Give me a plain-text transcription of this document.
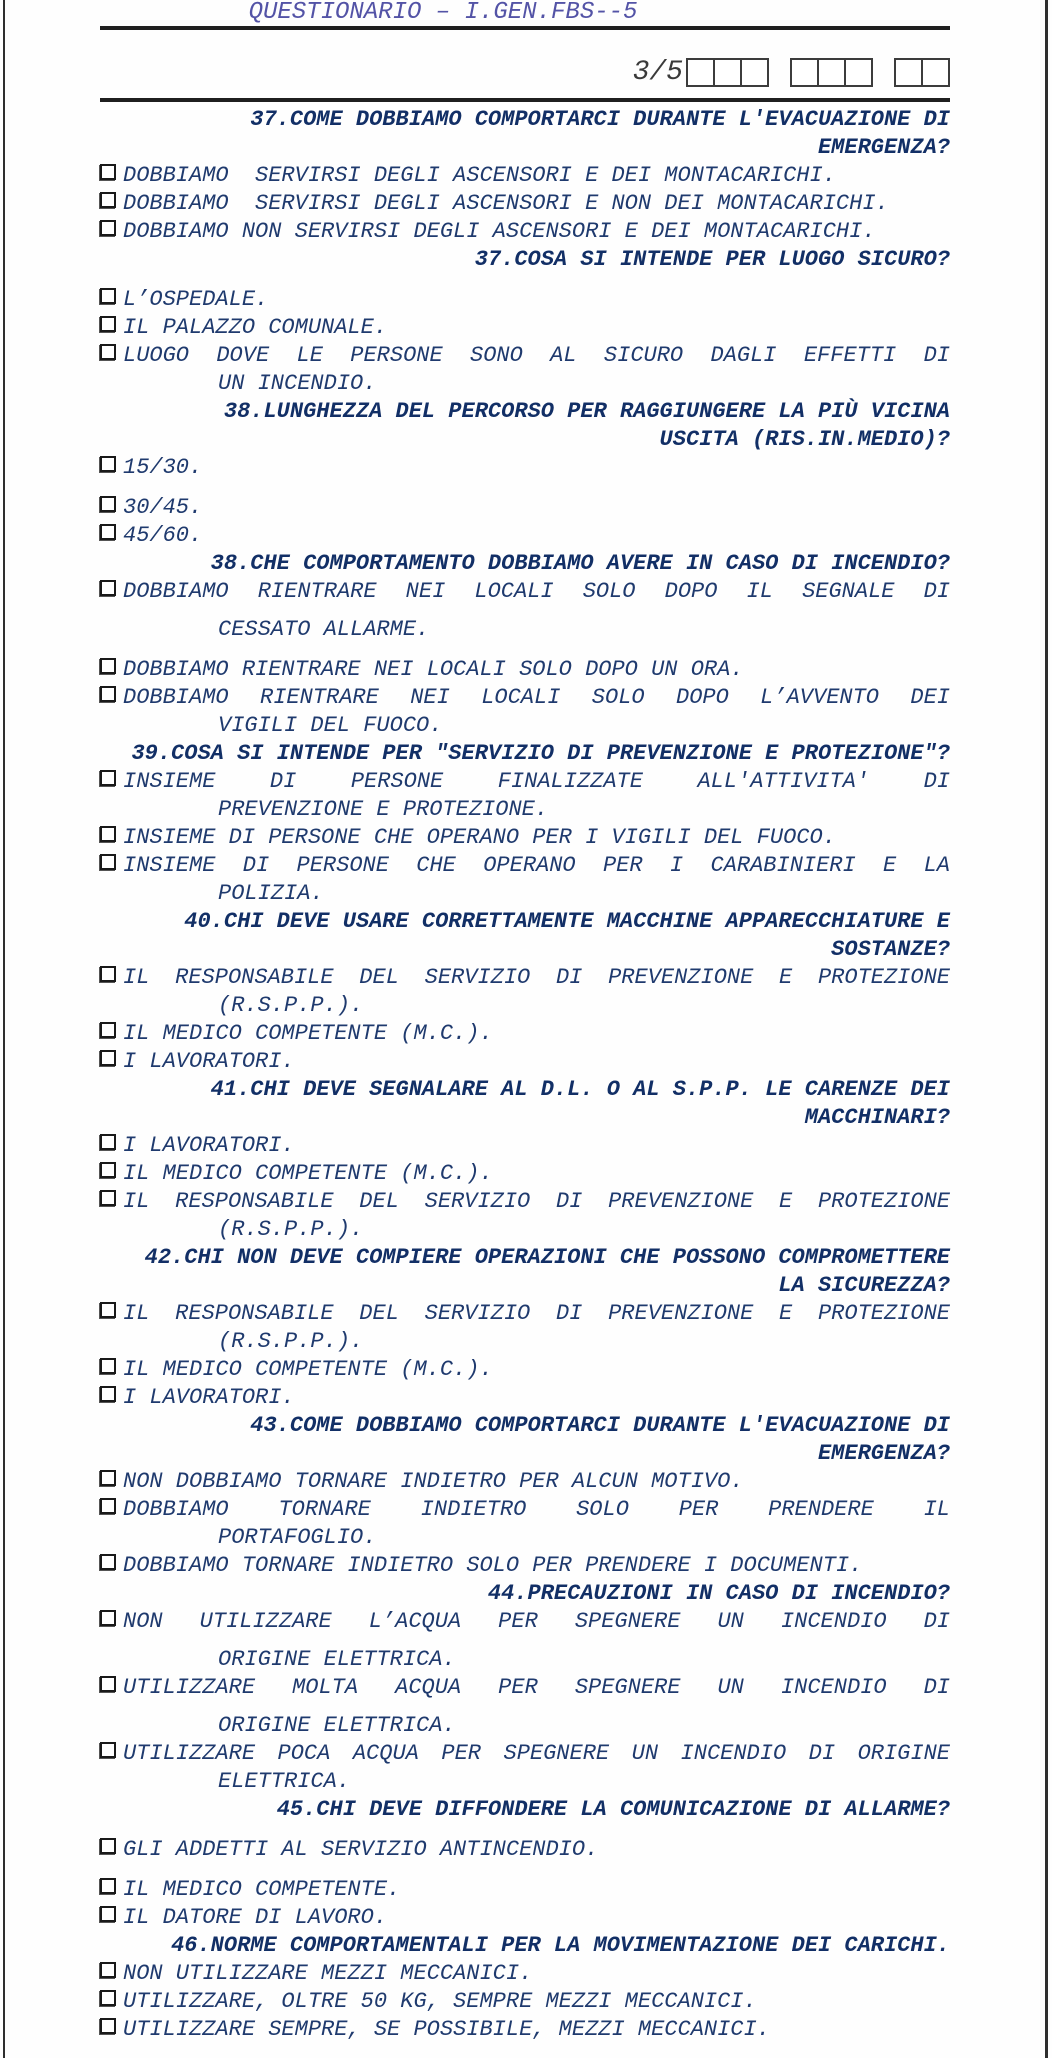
QUESTIONARIO – I.GEN.FBS--5
3/5
37.COME DOBBIAMO COMPORTARCI DURANTE L'EVACUAZIONE DI
EMERGENZA?
DOBBIAMO  SERVIRSI DEGLI ASCENSORI E DEI MONTACARICHI.
DOBBIAMO  SERVIRSI DEGLI ASCENSORI E NON DEI MONTACARICHI.
DOBBIAMO NON SERVIRSI DEGLI ASCENSORI E DEI MONTACARICHI.
37.COSA SI INTENDE PER LUOGO SICURO?
L’OSPEDALE.
IL PALAZZO COMUNALE.
LUOGO DOVE LE PERSONE SONO AL SICURO DAGLI EFFETTI DI
UN INCENDIO.
38.LUNGHEZZA DEL PERCORSO PER RAGGIUNGERE LA PIÙ VICINA
USCITA (RIS.IN.MEDIO)?
15/30.
30/45.
45/60.
38.CHE COMPORTAMENTO DOBBIAMO AVERE IN CASO DI INCENDIO?
DOBBIAMO RIENTRARE NEI LOCALI SOLO DOPO IL SEGNALE DI
CESSATO ALLARME.
DOBBIAMO RIENTRARE NEI LOCALI SOLO DOPO UN ORA.
DOBBIAMO RIENTRARE NEI LOCALI SOLO DOPO L’AVVENTO DEI
VIGILI DEL FUOCO.
39.COSA SI INTENDE PER "SERVIZIO DI PREVENZIONE E PROTEZIONE"?
INSIEME DI PERSONE FINALIZZATE ALL'ATTIVITA' DI
PREVENZIONE E PROTEZIONE.
INSIEME DI PERSONE CHE OPERANO PER I VIGILI DEL FUOCO.
INSIEME DI PERSONE CHE OPERANO PER I CARABINIERI E LA
POLIZIA.
40.CHI DEVE USARE CORRETTAMENTE MACCHINE APPARECCHIATURE E
SOSTANZE?
IL RESPONSABILE DEL SERVIZIO DI PREVENZIONE E PROTEZIONE
(R.S.P.P.).
IL MEDICO COMPETENTE (M.C.).
I LAVORATORI.
41.CHI DEVE SEGNALARE AL D.L. O AL S.P.P. LE CARENZE DEI
MACCHINARI?
I LAVORATORI.
IL MEDICO COMPETENTE (M.C.).
IL RESPONSABILE DEL SERVIZIO DI PREVENZIONE E PROTEZIONE
(R.S.P.P.).
42.CHI NON DEVE COMPIERE OPERAZIONI CHE POSSONO COMPROMETTERE
LA SICUREZZA?
IL RESPONSABILE DEL SERVIZIO DI PREVENZIONE E PROTEZIONE
(R.S.P.P.).
IL MEDICO COMPETENTE (M.C.).
I LAVORATORI.
43.COME DOBBIAMO COMPORTARCI DURANTE L'EVACUAZIONE DI
EMERGENZA?
NON DOBBIAMO TORNARE INDIETRO PER ALCUN MOTIVO.
DOBBIAMO TORNARE INDIETRO SOLO PER PRENDERE IL
PORTAFOGLIO.
DOBBIAMO TORNARE INDIETRO SOLO PER PRENDERE I DOCUMENTI.
44.PRECAUZIONI IN CASO DI INCENDIO?
NON UTILIZZARE L’ACQUA PER SPEGNERE UN INCENDIO DI
ORIGINE ELETTRICA.
UTILIZZARE MOLTA ACQUA PER SPEGNERE UN INCENDIO DI
ORIGINE ELETTRICA.
UTILIZZARE POCA ACQUA PER SPEGNERE UN INCENDIO DI ORIGINE
ELETTRICA.
45.CHI DEVE DIFFONDERE LA COMUNICAZIONE DI ALLARME?
GLI ADDETTI AL SERVIZIO ANTINCENDIO.
IL MEDICO COMPETENTE.
IL DATORE DI LAVORO.
46.NORME COMPORTAMENTALI PER LA MOVIMENTAZIONE DEI CARICHI.
NON UTILIZZARE MEZZI MECCANICI.
UTILIZZARE, OLTRE 50 KG, SEMPRE MEZZI MECCANICI.
UTILIZZARE SEMPRE, SE POSSIBILE, MEZZI MECCANICI.
